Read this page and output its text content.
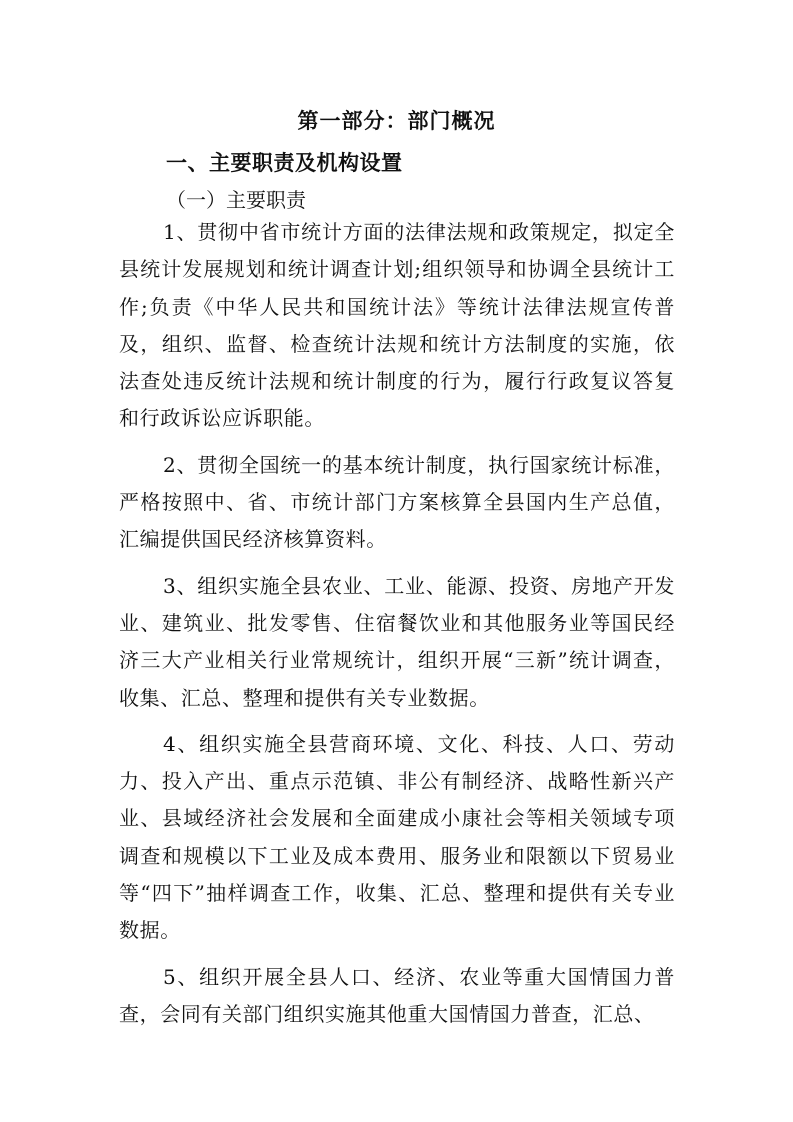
第一部分：部门概况
一、主要职责及机构设置
（一）主要职责

1、贯彻中省市统计方面的法律法规和政策规定，拟定全县统计发展规划和统计调查计划;组织领导和协调全县统计工作;负责《中华人民共和国统计法》等统计法律法规宣传普及，组织、监督、检查统计法规和统计方法制度的实施，依法查处违反统计法规和统计制度的行为，履行行政复议答复和行政诉讼应诉职能。

2、贯彻全国统一的基本统计制度，执行国家统计标准，严格按照中、省、市统计部门方案核算全县国内生产总值，汇编提供国民经济核算资料。

3、组织实施全县农业、工业、能源、投资、房地产开发业、建筑业、批发零售、住宿餐饮业和其他服务业等国民经济三大产业相关行业常规统计，组织开展“三新”统计调查，收集、汇总、整理和提供有关专业数据。

4、组织实施全县营商环境、文化、科技、人口、劳动力、投入产出、重点示范镇、非公有制经济、战略性新兴产业、县域经济社会发展和全面建成小康社会等相关领域专项调查和规模以下工业及成本费用、服务业和限额以下贸易业等“四下”抽样调查工作，收集、汇总、整理和提供有关专业数据。

5、组织开展全县人口、经济、农业等重大国情国力普查，会同有关部门组织实施其他重大国情国力普查，汇总、
